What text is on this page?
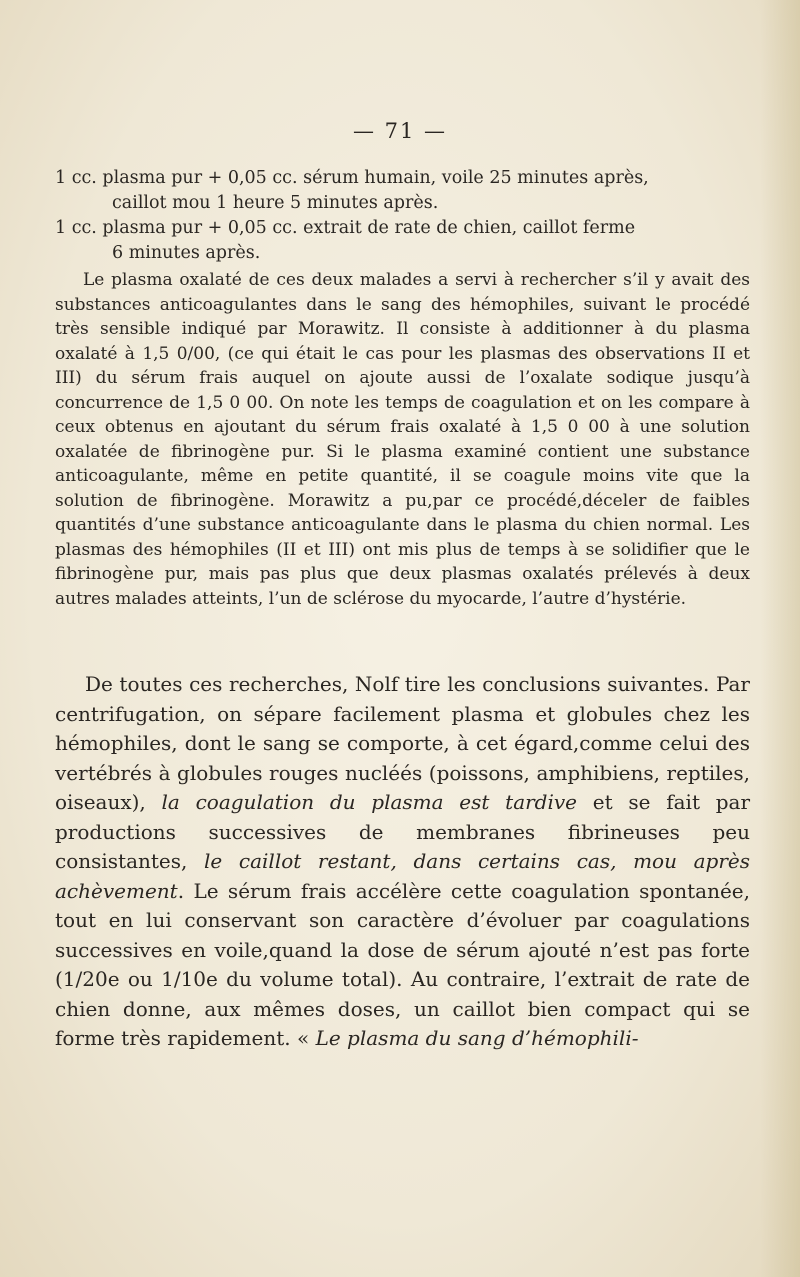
— 71 —

1 cc. plasma pur + 0,05 cc. sérum humain, voile 25 minutes après,

caillot mou 1 heure 5 minutes après.

1 cc. plasma pur + 0,05 cc. extrait de rate de chien, caillot ferme

6 minutes après.

Le plasma oxalaté de ces deux malades a servi à rechercher s’il y avait des substances anticoagulantes dans le sang des hémophiles, suivant le procédé très sensible indiqué par Morawitz. Il consiste à additionner à du plasma oxalaté à 1,5 0/00, (ce qui était le cas pour les plasmas des observations II et III) du sérum frais auquel on ajoute aussi de l’oxalate sodique jusqu’à concurrence de 1,5 0 00. On note les temps de coagulation et on les compare à ceux obtenus en ajoutant du sérum frais oxalaté à 1,5 0 00 à une solution oxalatée de fibrinogène pur. Si le plasma examiné contient une substance anticoagulante, même en petite quantité, il se coagule moins vite que la solution de fibrinogène. Morawitz a pu,par ce procédé,déceler de faibles quantités d’une substance anticoagulante dans le plasma du chien normal. Les plasmas des hémophiles (II et III) ont mis plus de temps à se solidifier que le fibrinogène pur, mais pas plus que deux plasmas oxalatés prélevés à deux autres malades atteints, l’un de sclérose du myocarde, l’autre d’hystérie.

De toutes ces recherches, Nolf tire les conclusions suivantes. Par centrifugation, on sépare facilement plasma et globules chez les hémophiles, dont le sang se comporte, à cet égard,comme celui des vertébrés à globules rouges nucléés (poissons, amphibiens, reptiles, oiseaux), la coagulation du plasma est tardive et se fait par productions successives de membranes fibrineuses peu consistantes, le caillot restant, dans certains cas, mou après achèvement. Le sérum frais accélère cette coagulation spontanée, tout en lui conservant son caractère d’évoluer par coagulations successives en voile,quand la dose de sérum ajouté n’est pas forte (1/20e ou 1/10e du volume total). Au contraire, l’extrait de rate de chien donne, aux mêmes doses, un caillot bien compact qui se forme très rapidement. « Le plasma du sang d’hémophili-
